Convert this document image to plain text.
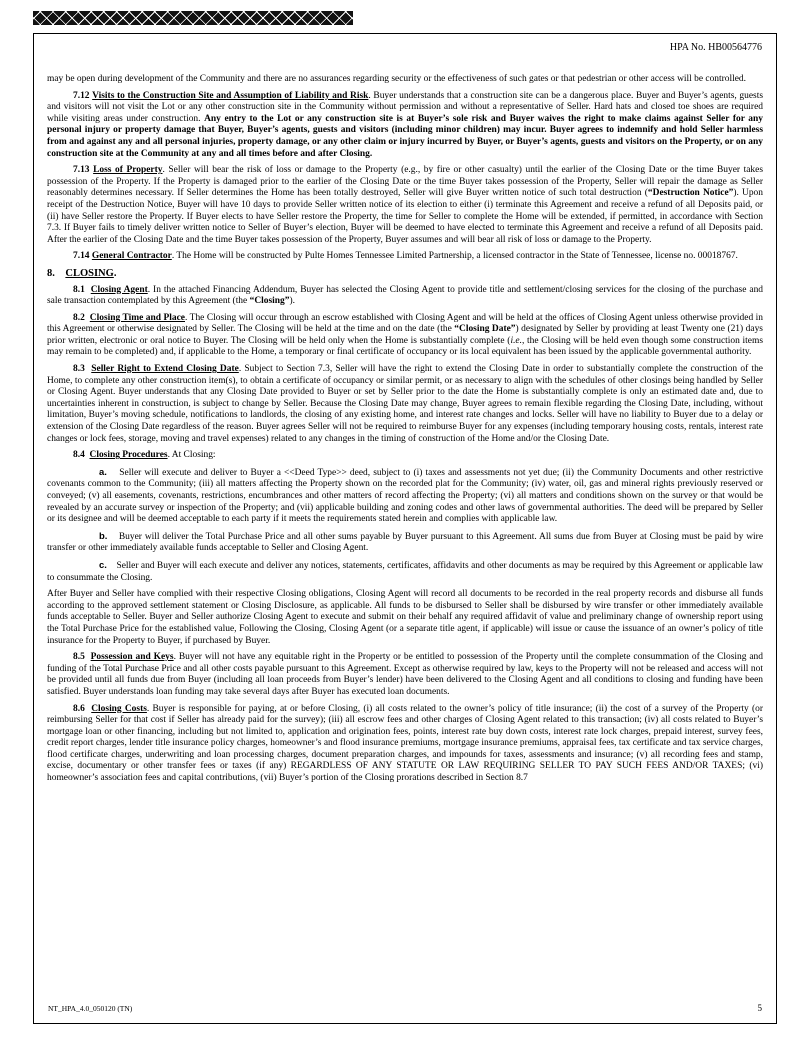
HPA No. HB00564776

may be open during development of the Community and there are no assurances regarding security or the effectiveness of such gates or that pedestrian or other access will be controlled.

7.12 Visits to the Construction Site and Assumption of Liability and Risk. Buyer understands that a construction site can be a dangerous place. Buyer and Buyer’s agents, guests and visitors will not visit the Lot or any other construction site in the Community without permission and without a representative of Seller. Hard hats and closed toe shoes are required while visiting areas under construction. Any entry to the Lot or any construction site is at Buyer’s sole risk and Buyer waives the right to make claims against Seller for any personal injury or property damage that Buyer, Buyer’s agents, guests and visitors (including minor children) may incur. Buyer agrees to indemnify and hold Seller harmless from and against any and all personal injuries, property damage, or any other claim or injury incurred by Buyer, or Buyer’s agents, guests and visitors on the Property, or on any construction site at the Community at any and all times before and after Closing.

7.13 Loss of Property. Seller will bear the risk of loss or damage to the Property (e.g., by fire or other casualty) until the earlier of the Closing Date or the time Buyer takes possession of the Property. If the Property is damaged prior to the earlier of the Closing Date or the time Buyer takes possession of the Property, Seller will repair the damage as Seller reasonably determines necessary. If Seller determines the Home has been totally destroyed, Seller will give Buyer written notice of such total destruction (“Destruction Notice”). Upon receipt of the Destruction Notice, Buyer will have 10 days to provide Seller written notice of its election to either (i) terminate this Agreement and receive a refund of all Deposits paid, or (ii) have Seller restore the Property. If Buyer elects to have Seller restore the Property, the time for Seller to complete the Home will be extended, if permitted, in accordance with Section 7.3. If Buyer fails to timely deliver written notice to Seller of Buyer’s election, Buyer will be deemed to have elected to terminate this Agreement and receive a refund of all Deposits paid. After the earlier of the Closing Date and the time Buyer takes possession of the Property, Buyer assumes and will bear all risk of loss or damage to the Property.

7.14 General Contractor. The Home will be constructed by Pulte Homes Tennessee Limited Partnership, a licensed contractor in the State of Tennessee, license no. 00018767.

8. CLOSING.

8.1 Closing Agent. In the attached Financing Addendum, Buyer has selected the Closing Agent to provide title and settlement/closing services for the closing of the purchase and sale transaction contemplated by this Agreement (the “Closing”).

8.2 Closing Time and Place. The Closing will occur through an escrow established with Closing Agent and will be held at the offices of Closing Agent unless otherwise provided in this Agreement or otherwise designated by Seller. The Closing will be held at the time and on the date (the “Closing Date”) designated by Seller by providing at least Twenty one (21) days prior written, electronic or oral notice to Buyer. The Closing will be held only when the Home is substantially complete (i.e., the Closing will be held even though some construction items may remain to be completed) and, if applicable to the Home, a temporary or final certificate of occupancy or its local equivalent has been issued by the applicable governmental authority.

8.3 Seller Right to Extend Closing Date. Subject to Section 7.3, Seller will have the right to extend the Closing Date in order to substantially complete the construction of the Home, to complete any other construction item(s), to obtain a certificate of occupancy or similar permit, or as necessary to align with the schedules of other closings being handled by Seller or Closing Agent. Buyer understands that any Closing Date provided to Buyer or set by Seller prior to the date the Home is substantially complete is only an estimated date and, due to uncertainties inherent in construction, is subject to change by Seller. Because the Closing Date may change, Buyer agrees to remain flexible regarding the Closing Date, including, without limitation, Buyer’s moving schedule, notifications to landlords, the closing of any existing home, and interest rate changes and locks. Seller will have no liability to Buyer due to a delay or extension of the Closing Date regardless of the reason. Buyer agrees Seller will not be required to reimburse Buyer for any expenses (including temporary housing costs, rentals, interest rate changes or lock fees, storage, moving and travel expenses) related to any changes in the timing of construction of the Home and/or the Closing Date.

8.4 Closing Procedures. At Closing:

a. Seller will execute and deliver to Buyer a <<Deed Type>> deed, subject to (i) taxes and assessments not yet due; (ii) the Community Documents and other restrictive covenants common to the Community; (iii) all matters affecting the Property shown on the recorded plat for the Community; (iv) water, oil, gas and mineral rights previously reserved or conveyed; (v) all easements, covenants, restrictions, encumbrances and other matters of record affecting the Property; (vi) all matters and conditions shown on the survey or that would be revealed by an accurate survey or inspection of the Property; and (vii) applicable building and zoning codes and other laws of governmental authorities. The deed will be prepared by Seller or its designee and will be deemed acceptable to each party if it meets the requirements stated herein and complies with applicable law.

b. Buyer will deliver the Total Purchase Price and all other sums payable by Buyer pursuant to this Agreement. All sums due from Buyer at Closing must be paid by wire transfer or other immediately available funds acceptable to Seller and Closing Agent.

c. Seller and Buyer will each execute and deliver any notices, statements, certificates, affidavits and other documents as may be required by this Agreement or applicable law to consummate the Closing.

After Buyer and Seller have complied with their respective Closing obligations, Closing Agent will record all documents to be recorded in the real property records and disburse all funds according to the approved settlement statement or Closing Disclosure, as applicable. All funds to be disbursed to Seller shall be disbursed by wire transfer or other immediately available funds acceptable to Seller. Buyer and Seller authorize Closing Agent to execute and submit on their behalf any required affidavit of value and preliminary change of ownership report using the Total Purchase Price for the established value, Following the Closing, Closing Agent (or a separate title agent, if applicable) will issue or cause the issuance of an owner’s policy of title insurance for the Property to Buyer, if purchased by Buyer.

8.5 Possession and Keys. Buyer will not have any equitable right in the Property or be entitled to possession of the Property until the complete consummation of the Closing and funding of the Total Purchase Price and all other costs payable pursuant to this Agreement. Except as otherwise required by law, keys to the Property will not be released and access will not be provided until all funds due from Buyer (including all loan proceeds from Buyer’s lender) have been delivered to the Closing Agent and all conditions to closing and funding have been satisfied. Buyer understands loan funding may take several days after Buyer has executed loan documents.

8.6 Closing Costs. Buyer is responsible for paying, at or before Closing, (i) all costs related to the owner’s policy of title insurance; (ii) the cost of a survey of the Property (or reimbursing Seller for that cost if Seller has already paid for the survey); (iii) all escrow fees and other charges of Closing Agent related to this transaction; (iv) all costs related to Buyer’s mortgage loan or other financing, including but not limited to, application and origination fees, points, interest rate buy down costs, interest rate lock charges, prepaid interest, survey fees, credit report charges, lender title insurance policy charges, homeowner’s and flood insurance premiums, mortgage insurance premiums, appraisal fees, tax certificate and tax service charges, flood certificate charges, underwriting and loan processing charges, document preparation charges, and impounds for taxes, assessments and insurance; (v) all recording fees and stamp, excise, documentary or other transfer fees or taxes (if any) REGARDLESS OF ANY STATUTE OR LAW REQUIRING SELLER TO PAY SUCH FEES AND/OR TAXES; (vi) homeowner’s association fees and capital contributions, (vii) Buyer’s portion of the Closing prorations described in Section 8.7

NT_HPA_4.0_050120 (TN)	5
